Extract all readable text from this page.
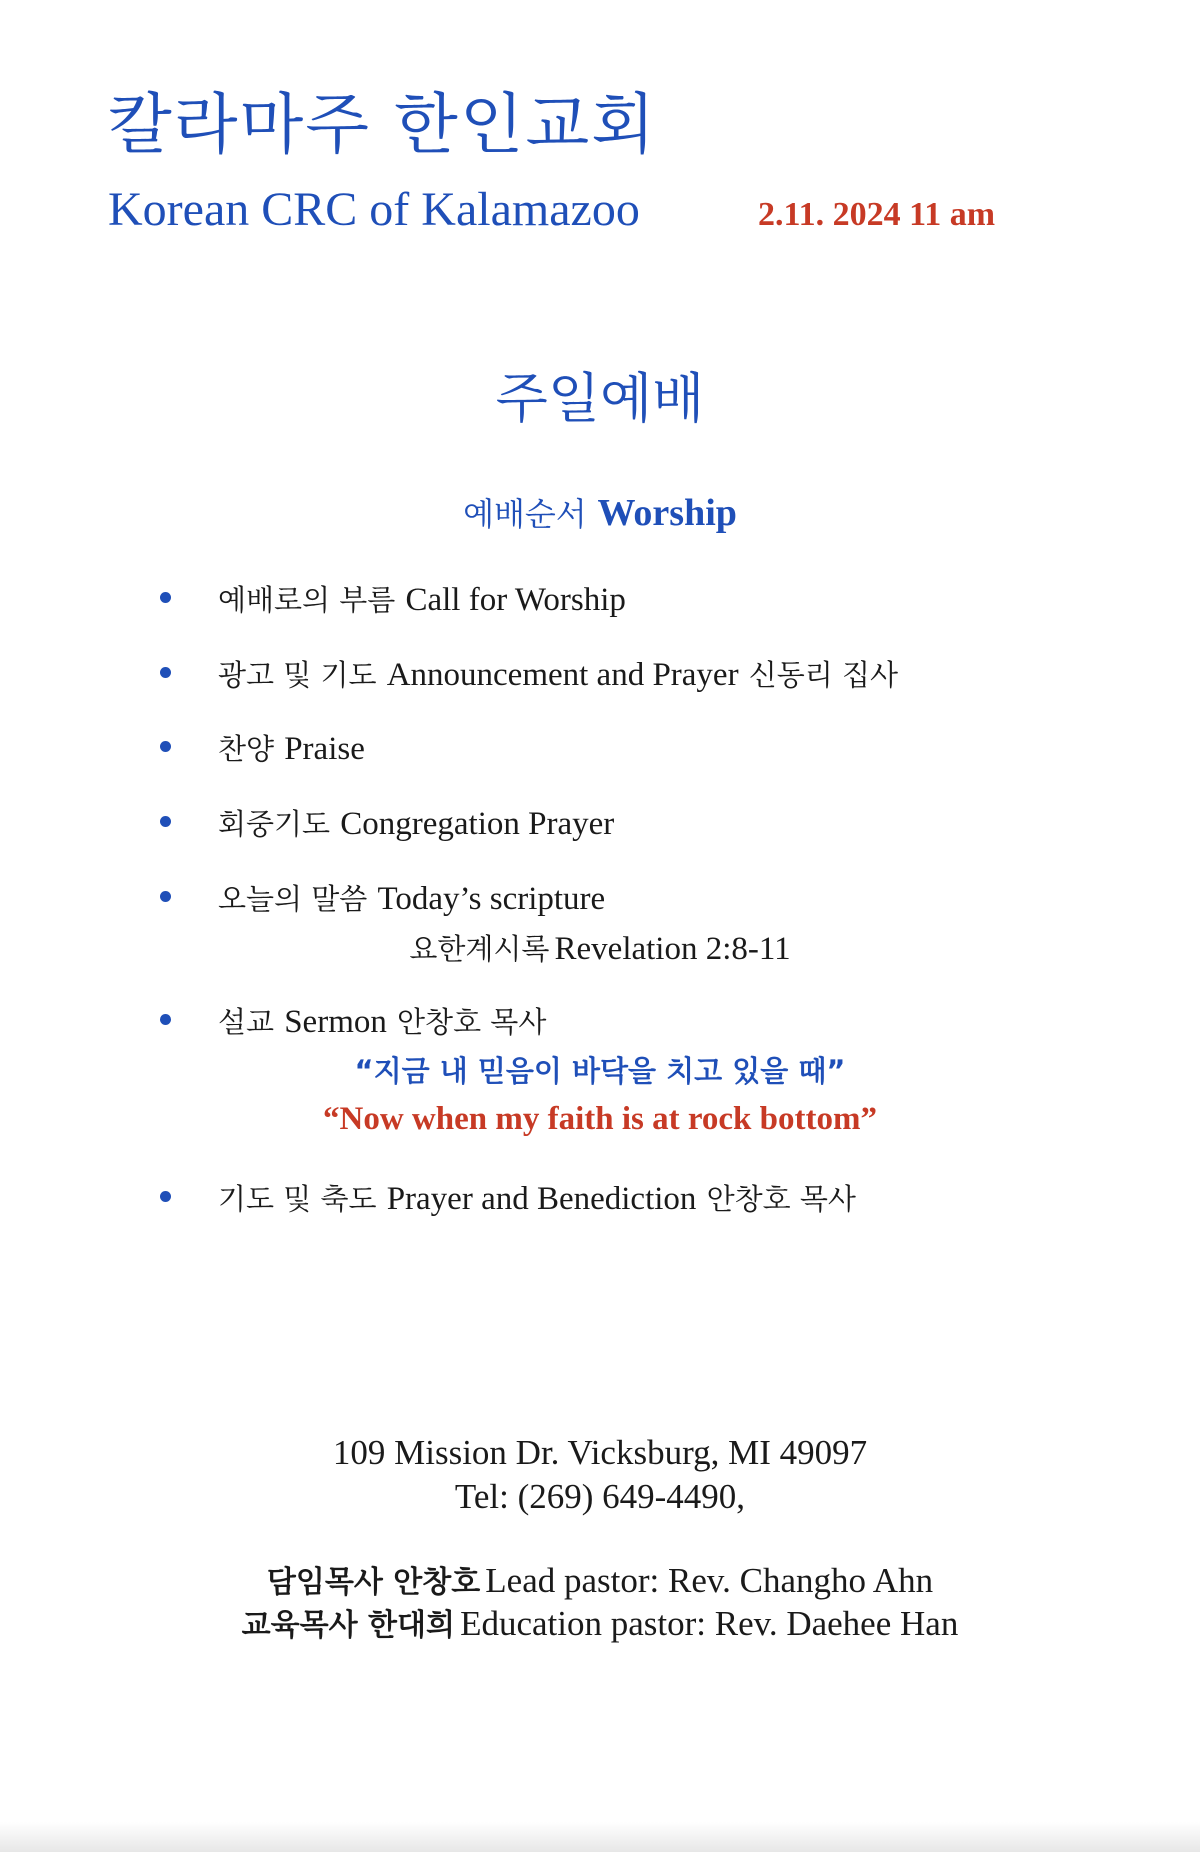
칼라마주 한인교회
Korean CRC of Kalamazoo	2.11. 2024 11 am
주일예배
예배순서 Worship
예배로의 부름 Call for Worship
광고 및 기도 Announcement and Prayer 신동리 집사
찬양 Praise
회중기도 Congregation Prayer
오늘의 말씀 Today’s scripture
설교 Sermon 안창호 목사
기도 및 축도 Prayer and Benediction 안창호 목사
요한계시록 Revelation 2:8-11
“지금 내 믿음이 바닥을 치고 있을 때”
“Now when my faith is at rock bottom”
109 Mission Dr. Vicksburg, MI 49097
Tel: (269) 649-4490,
담임목사 안창호 Lead pastor: Rev. Changho Ahn
교육목사 한대희 Education pastor: Rev. Daehee Han
